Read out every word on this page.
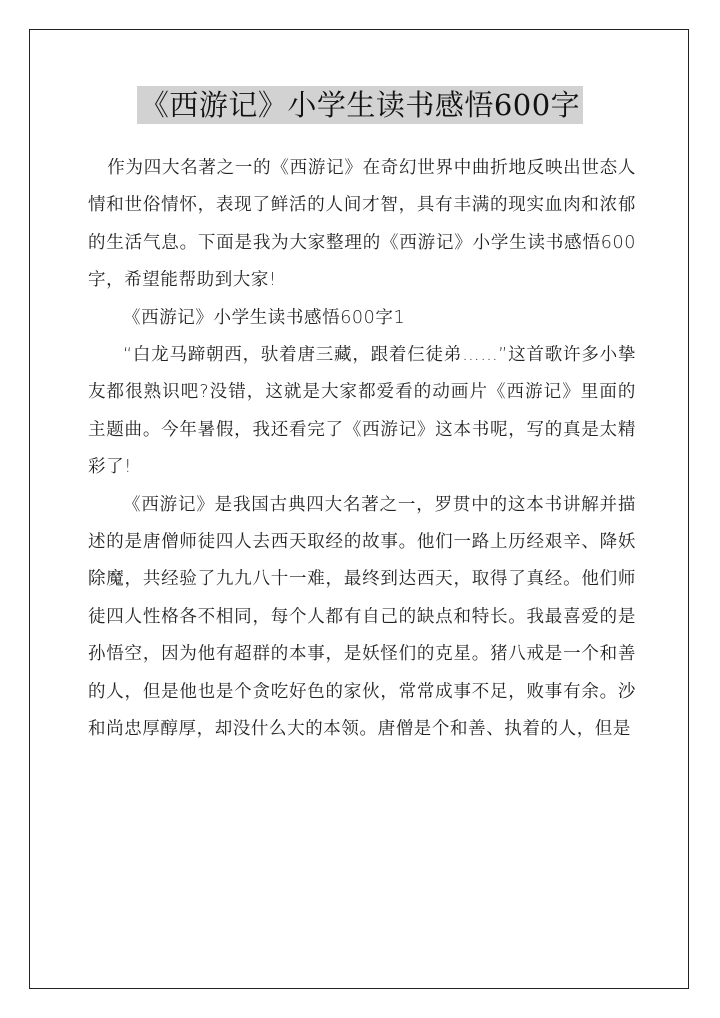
《西游记》小学生读书感悟600字

作为四大名著之一的《西游记》在奇幻世界中曲折地反映出世态人情和世俗情怀，表现了鲜活的人间才智，具有丰满的现实血肉和浓郁的生活气息。下面是我为大家整理的《西游记》小学生读书感悟600字，希望能帮助到大家!

《西游记》小学生读书感悟600字1

“白龙马蹄朝西，驮着唐三藏，跟着仨徒弟……”这首歌许多小挚友都很熟识吧?没错，这就是大家都爱看的动画片《西游记》里面的主题曲。今年暑假，我还看完了《西游记》这本书呢，写的真是太精彩了!

《西游记》是我国古典四大名著之一，罗贯中的这本书讲解并描述的是唐僧师徒四人去西天取经的故事。他们一路上历经艰辛、降妖除魔，共经验了九九八十一难，最终到达西天，取得了真经。他们师徒四人性格各不相同，每个人都有自己的缺点和特长。我最喜爱的是孙悟空，因为他有超群的本事，是妖怪们的克星。猪八戒是一个和善的人，但是他也是个贪吃好色的家伙，常常成事不足，败事有余。沙和尚忠厚醇厚，却没什么大的本领。唐僧是个和善、执着的人，但是
